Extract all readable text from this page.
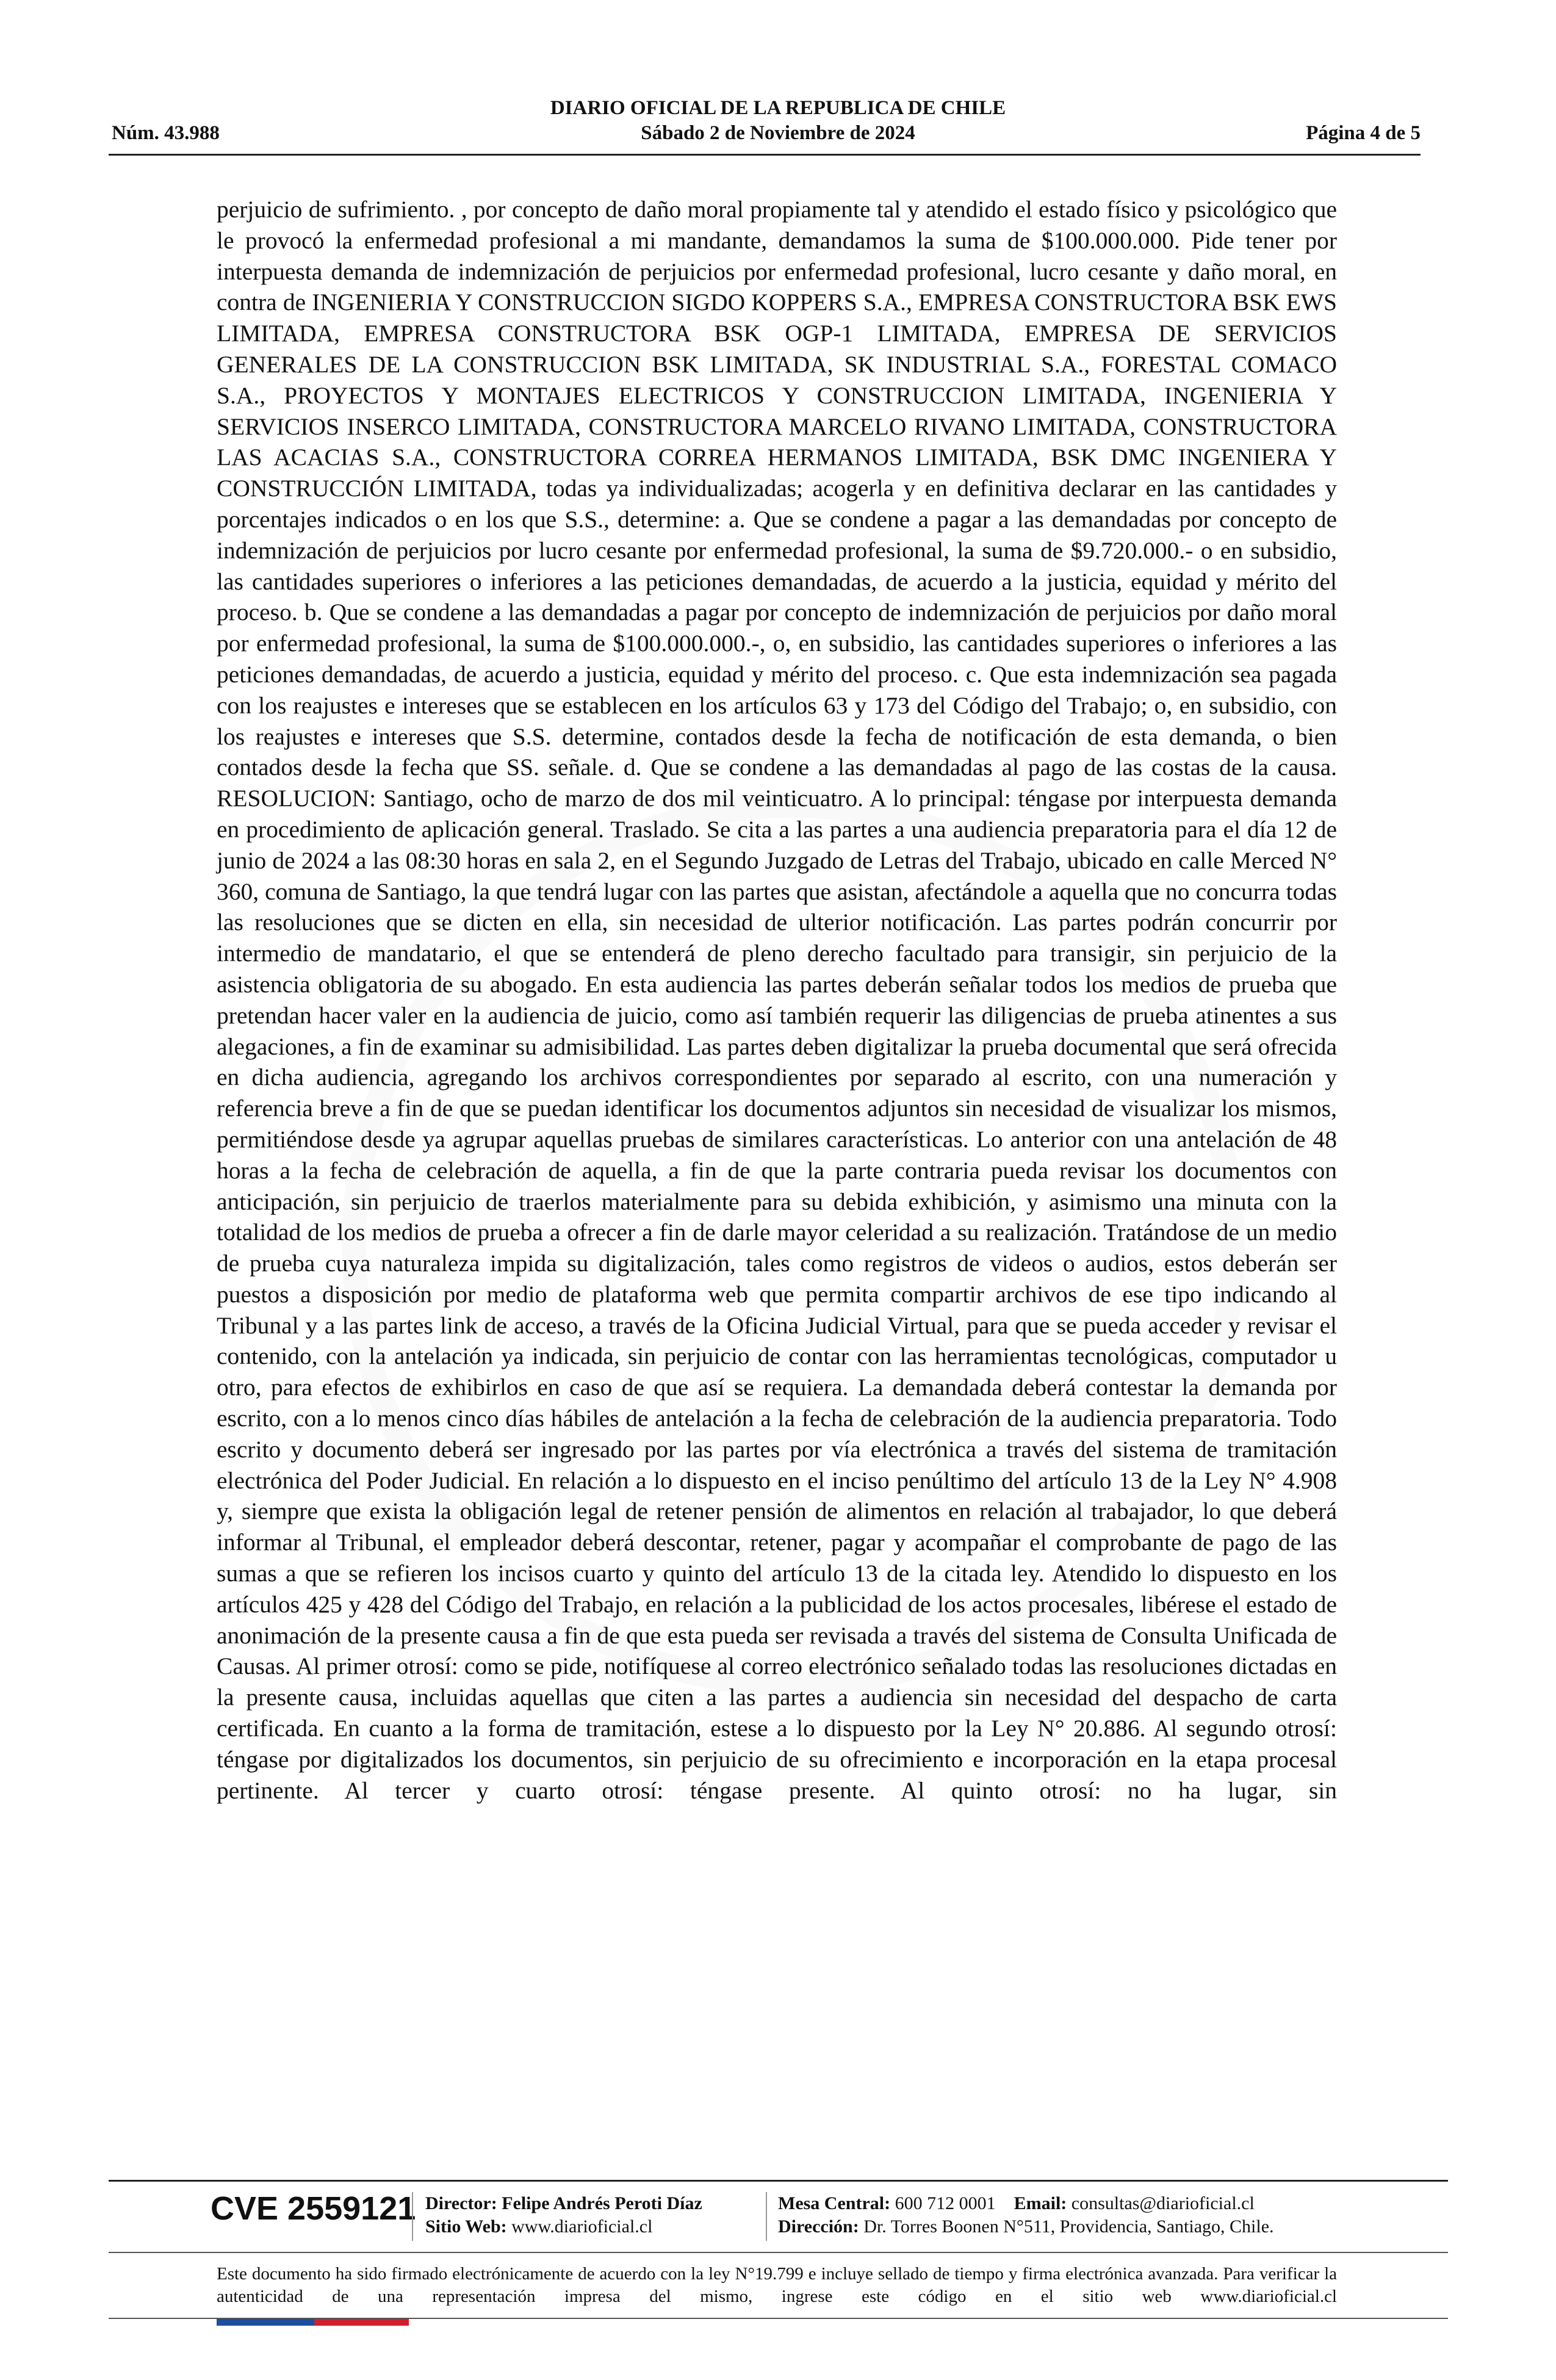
Núm. 43.988
DIARIO OFICIAL DE LA REPUBLICA DE CHILE
Sábado 2 de Noviembre de 2024	Página 4 de 5
perjuicio de sufrimiento. , por concepto de daño moral propiamente tal y atendido el estado físico y psicológico que le provocó la enfermedad profesional a mi mandante, demandamos la suma de $100.000.000. Pide tener por interpuesta demanda de indemnización de perjuicios por enfermedad profesional, lucro cesante y daño moral, en contra de INGENIERIA Y CONSTRUCCION SIGDO KOPPERS S.A., EMPRESA CONSTRUCTORA BSK EWS LIMITADA, EMPRESA CONSTRUCTORA BSK OGP-1 LIMITADA, EMPRESA DE SERVICIOS GENERALES DE LA CONSTRUCCION BSK LIMITADA, SK INDUSTRIAL S.A., FORESTAL COMACO S.A., PROYECTOS Y MONTAJES ELECTRICOS Y CONSTRUCCION LIMITADA, INGENIERIA Y SERVICIOS INSERCO LIMITADA, CONSTRUCTORA MARCELO RIVANO LIMITADA, CONSTRUCTORA LAS ACACIAS S.A., CONSTRUCTORA CORREA HERMANOS LIMITADA, BSK DMC INGENIERA Y CONSTRUCCIÓN LIMITADA, todas ya individualizadas; acogerla y en definitiva declarar en las cantidades y porcentajes indicados o en los que S.S., determine: a. Que se condene a pagar a las demandadas por concepto de indemnización de perjuicios por lucro cesante por enfermedad profesional, la suma de $9.720.000.- o en subsidio, las cantidades superiores o inferiores a las peticiones demandadas, de acuerdo a la justicia, equidad y mérito del proceso. b. Que se condene a las demandadas a pagar por concepto de indemnización de perjuicios por daño moral por enfermedad profesional, la suma de $100.000.000.-, o, en subsidio, las cantidades superiores o inferiores a las peticiones demandadas, de acuerdo a justicia, equidad y mérito del proceso. c. Que esta indemnización sea pagada con los reajustes e intereses que se establecen en los artículos 63 y 173 del Código del Trabajo; o, en subsidio, con los reajustes e intereses que S.S. determine, contados desde la fecha de notificación de esta demanda, o bien contados desde la fecha que SS. señale. d. Que se condene a las demandadas al pago de las costas de la causa. RESOLUCION: Santiago, ocho de marzo de dos mil veinticuatro. A lo principal: téngase por interpuesta demanda en procedimiento de aplicación general. Traslado. Se cita a las partes a una audiencia preparatoria para el día 12 de junio de 2024 a las 08:30 horas en sala 2, en el Segundo Juzgado de Letras del Trabajo, ubicado en calle Merced N° 360, comuna de Santiago, la que tendrá lugar con las partes que asistan, afectándole a aquella que no concurra todas las resoluciones que se dicten en ella, sin necesidad de ulterior notificación. Las partes podrán concurrir por intermedio de mandatario, el que se entenderá de pleno derecho facultado para transigir, sin perjuicio de la asistencia obligatoria de su abogado. En esta audiencia las partes deberán señalar todos los medios de prueba que pretendan hacer valer en la audiencia de juicio, como así también requerir las diligencias de prueba atinentes a sus alegaciones, a fin de examinar su admisibilidad. Las partes deben digitalizar la prueba documental que será ofrecida en dicha audiencia, agregando los archivos correspondientes por separado al escrito, con una numeración y referencia breve a fin de que se puedan identificar los documentos adjuntos sin necesidad de visualizar los mismos, permitiéndose desde ya agrupar aquellas pruebas de similares características. Lo anterior con una antelación de 48 horas a la fecha de celebración de aquella, a fin de que la parte contraria pueda revisar los documentos con anticipación, sin perjuicio de traerlos materialmente para su debida exhibición, y asimismo una minuta con la totalidad de los medios de prueba a ofrecer a fin de darle mayor celeridad a su realización. Tratándose de un medio de prueba cuya naturaleza impida su digitalización, tales como registros de videos o audios, estos deberán ser puestos a disposición por medio de plataforma web que permita compartir archivos de ese tipo indicando al Tribunal y a las partes link de acceso, a través de la Oficina Judicial Virtual, para que se pueda acceder y revisar el contenido, con la antelación ya indicada, sin perjuicio de contar con las herramientas tecnológicas, computador u otro, para efectos de exhibirlos en caso de que así se requiera. La demandada deberá contestar la demanda por escrito, con a lo menos cinco días hábiles de antelación a la fecha de celebración de la audiencia preparatoria. Todo escrito y documento deberá ser ingresado por las partes por vía electrónica a través del sistema de tramitación electrónica del Poder Judicial. En relación a lo dispuesto en el inciso penúltimo del artículo 13 de la Ley N° 4.908 y, siempre que exista la obligación legal de retener pensión de alimentos en relación al trabajador, lo que deberá informar al Tribunal, el empleador deberá descontar, retener, pagar y acompañar el comprobante de pago de las sumas a que se refieren los incisos cuarto y quinto del artículo 13 de la citada ley. Atendido lo dispuesto en los artículos 425 y 428 del Código del Trabajo, en relación a la publicidad de los actos procesales, libérese el estado de anonimación de la presente causa a fin de que esta pueda ser revisada a través del sistema de Consulta Unificada de Causas. Al primer otrosí: como se pide, notifíquese al correo electrónico señalado todas las resoluciones dictadas en la presente causa, incluidas aquellas que citen a las partes a audiencia sin necesidad del despacho de carta certificada. En cuanto a la forma de tramitación, estese a lo dispuesto por la Ley N° 20.886. Al segundo otrosí: téngase por digitalizados los documentos, sin perjuicio de su ofrecimiento e incorporación en la etapa procesal pertinente. Al tercer y cuarto otrosí: téngase presente. Al quinto otrosí: no ha lugar, sin
CVE 2559121 Director: Felipe Andrés Peroti Díaz
Sitio Web: www.diarioficial.cl
Mesa Central: 600 712 0001 Email: consultas@diarioficial.cl
Dirección: Dr. Torres Boonen N°511, Providencia, Santiago, Chile.
Este documento ha sido firmado electrónicamente de acuerdo con la ley N°19.799 e incluye sellado de tiempo y firma electrónica avanzada. Para verificar la autenticidad de una representación impresa del mismo, ingrese este código en el sitio web www.diarioficial.cl
